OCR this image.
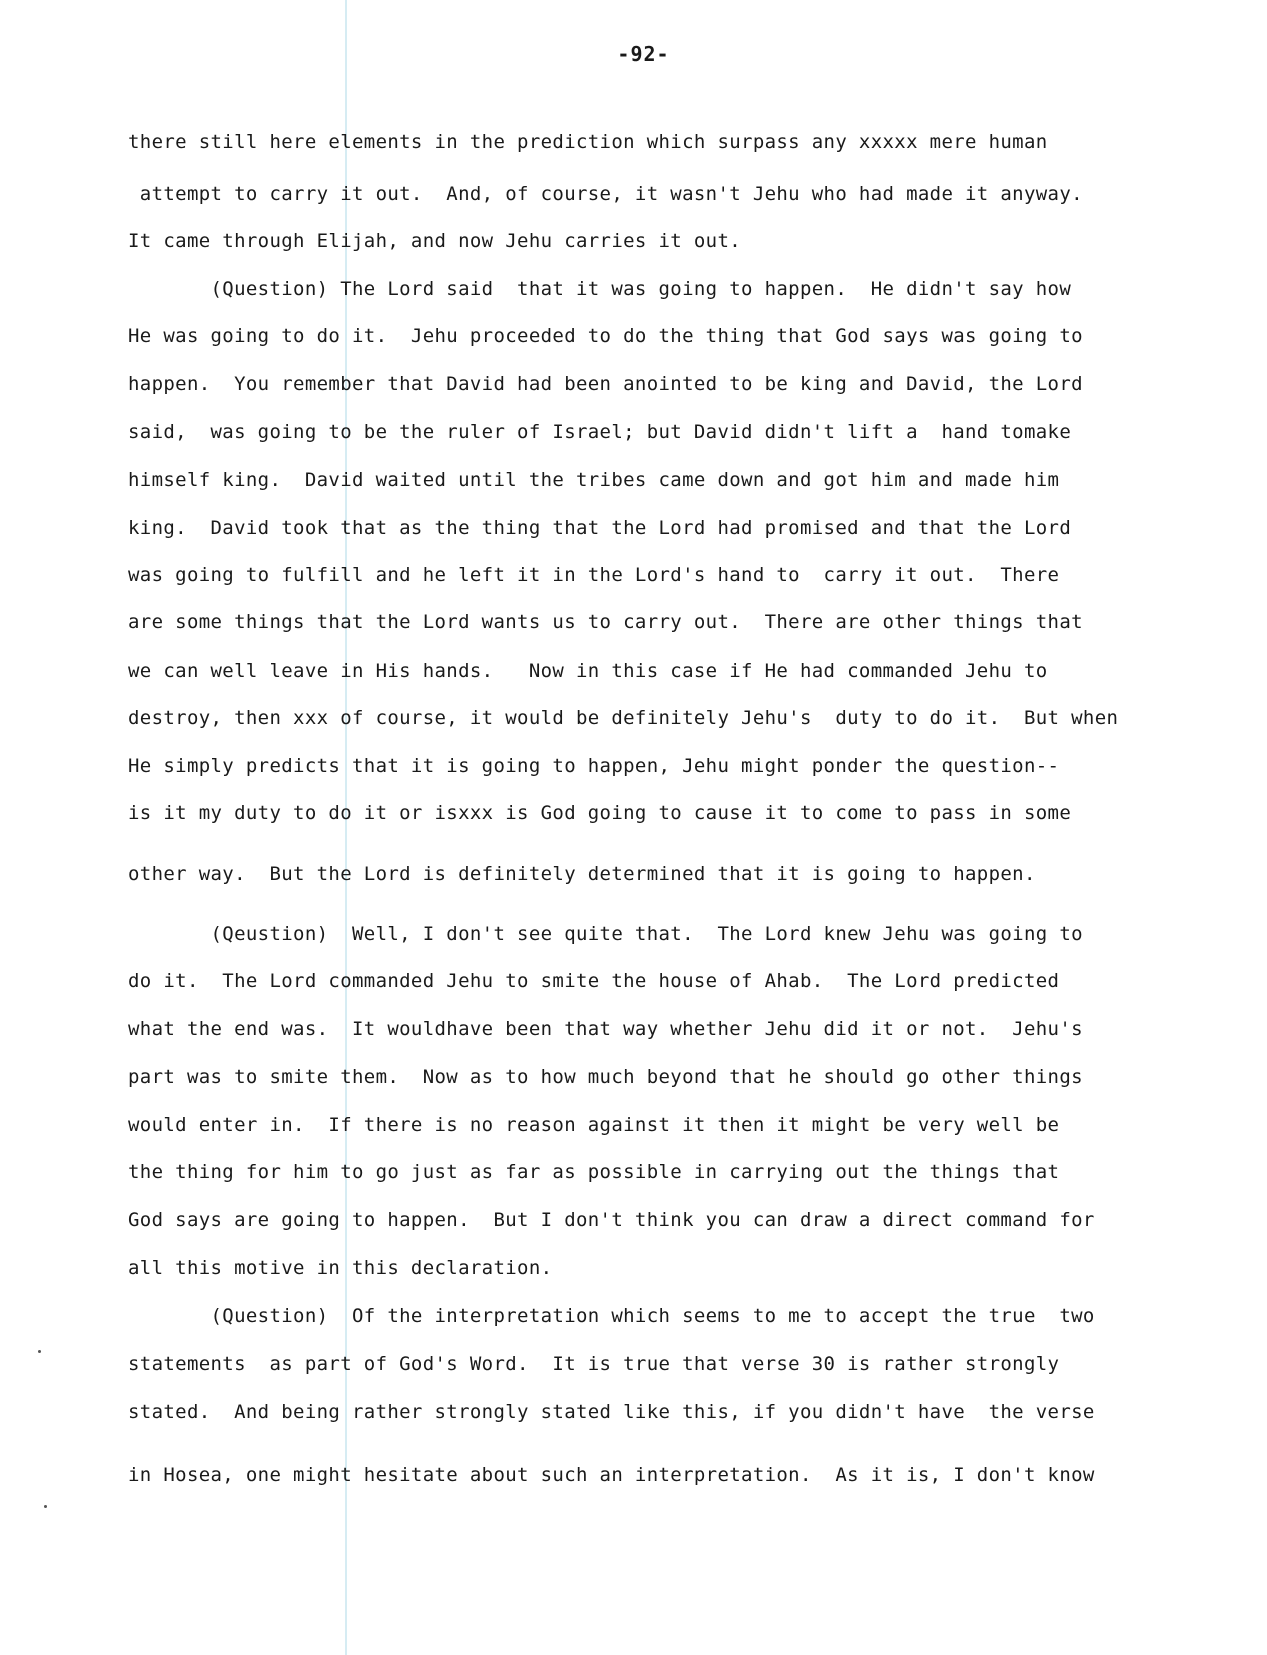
-92-
there still here elements in the prediction which surpass any xxxxx mere human
attempt to carry it out.  And, of course, it wasn't Jehu who had made it anyway.
It came through Elijah, and now Jehu carries it out.
(Question) The Lord said  that it was going to happen.  He didn't say how
He was going to do it.  Jehu proceeded to do the thing that God says was going to
happen.  You remember that David had been anointed to be king and David, the Lord
said,  was going to be the ruler of Israel; but David didn't lift a  hand tomake
himself king.  David waited until the tribes came down and got him and made him
king.  David took that as the thing that the Lord had promised and that the Lord
was going to fulfill and he left it in the Lord's hand to  carry it out.  There
are some things that the Lord wants us to carry out.  There are other things that
we can well leave in His hands.   Now in this case if He had commanded Jehu to
destroy, then xxx of course, it would be definitely Jehu's  duty to do it.  But when
He simply predicts that it is going to happen, Jehu might ponder the question--
is it my duty to do it or isxxx is God going to cause it to come to pass in some
other way.  But the Lord is definitely determined that it is going to happen.
(Qeustion)  Well, I don't see quite that.  The Lord knew Jehu was going to
do it.  The Lord commanded Jehu to smite the house of Ahab.  The Lord predicted
what the end was.  It wouldhave been that way whether Jehu did it or not.  Jehu's
part was to smite them.  Now as to how much beyond that he should go other things
would enter in.  If there is no reason against it then it might be very well be
the thing for him to go just as far as possible in carrying out the things that
God says are going to happen.  But I don't think you can draw a direct command for
all this motive in this declaration.
(Question)  Of the interpretation which seems to me to accept the true  two
statements  as part of God's Word.  It is true that verse 30 is rather strongly
stated.  And being rather strongly stated like this, if you didn't have  the verse
in Hosea, one might hesitate about such an interpretation.  As it is, I don't know
